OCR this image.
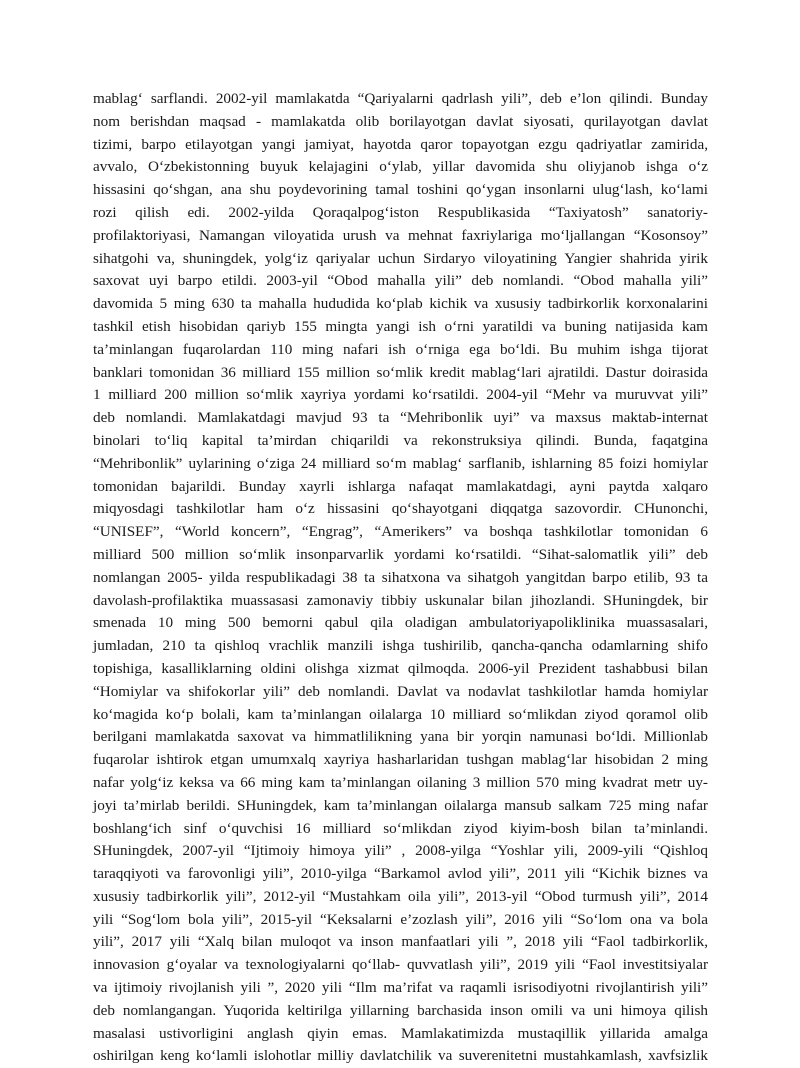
mablag‘ sarflandi. 2002-yil mamlakatda “Qariyalarni qadrlash yili”, deb e’lon qilindi. Bunday
nom berishdan maqsad - mamlakatda olib borilayotgan davlat siyosati, qurilayotgan davlat
tizimi, barpo etilayotgan yangi jamiyat, hayotda qaror topayotgan ezgu qadriyatlar zamirida,
avvalo, O‘zbekistonning buyuk kelajagini o‘ylab, yillar davomida shu oliyjanob ishga o‘z
hissasini qo‘shgan, ana shu poydevorining tamal toshini qo‘ygan insonlarni ulug‘lash, ko‘lami
rozi qilish edi. 2002-yilda Qoraqalpog‘iston Respublikasida “Taxiyatosh” sanatoriy-
profilaktoriyasi, Namangan viloyatida urush va mehnat faxriylariga mo‘ljallangan “Kosonsoy”
sihatgohi va, shuningdek, yolg‘iz qariyalar uchun Sirdaryo viloyatining Yangier shahrida yirik
saxovat uyi barpo etildi. 2003-yil “Obod mahalla yili” deb nomlandi. “Obod mahalla yili”
davomida 5 ming 630 ta mahalla hududida ko‘plab kichik va xususiy tadbirkorlik korxonalarini
tashkil etish hisobidan qariyb 155 mingta yangi ish o‘rni yaratildi va buning natijasida kam
ta’minlangan fuqarolardan 110 ming nafari ish o‘rniga ega bo‘ldi. Bu muhim ishga tijorat
banklari tomonidan 36 milliard 155 million so‘mlik kredit mablag‘lari ajratildi. Dastur doirasida
1 milliard 200 million so‘mlik xayriya yordami ko‘rsatildi. 2004-yil “Mehr va muruvvat yili”
deb nomlandi. Mamlakatdagi mavjud 93 ta “Mehribonlik uyi” va maxsus maktab-internat
binolari to‘liq kapital ta’mirdan chiqarildi va rekonstruksiya qilindi. Bunda, faqatgina
“Mehribonlik” uylarining o‘ziga 24 milliard so‘m mablag‘ sarflanib, ishlarning 85 foizi homiylar
tomonidan bajarildi. Bunday xayrli ishlarga nafaqat mamlakatdagi, ayni paytda xalqaro
miqyosdagi tashkilotlar ham o‘z hissasini qo‘shayotgani diqqatga sazovordir. CHunonchi,
“UNISEF”, “World koncern”, “Engrag”, “Amerikers” va boshqa tashkilotlar tomonidan 6
milliard 500 million so‘mlik insonparvarlik yordami ko‘rsatildi. “Sihat-salomatlik yili” deb
nomlangan 2005- yilda respublikadagi 38 ta sihatxona va sihatgoh yangitdan barpo etilib, 93 ta
davolash-profilaktika muassasasi zamonaviy tibbiy uskunalar bilan jihozlandi. SHuningdek, bir
smenada 10 ming 500 bemorni qabul qila oladigan ambulatoriyapoliklinika muassasalari,
jumladan, 210 ta qishloq vrachlik manzili ishga tushirilib, qancha-qancha odamlarning shifo
topishiga, kasalliklarning oldini olishga xizmat qilmoqda. 2006-yil Prezident tashabbusi bilan
“Homiylar va shifokorlar yili” deb nomlandi. Davlat va nodavlat tashkilotlar hamda homiylar
ko‘magida ko‘p bolali, kam ta’minlangan oilalarga 10 milliard so‘mlikdan ziyod qoramol olib
berilgani mamlakatda saxovat va himmatlilikning yana bir yorqin namunasi bo‘ldi. Millionlab
fuqarolar ishtirok etgan umumxalq xayriya hasharlaridan tushgan mablag‘lar hisobidan 2 ming
nafar yolg‘iz keksa va 66 ming kam ta’minlangan oilaning 3 million 570 ming kvadrat metr uy-
joyi ta’mirlab berildi. SHuningdek, kam ta’minlangan oilalarga mansub salkam 725 ming nafar
boshlang‘ich sinf o‘quvchisi 16 milliard so‘mlikdan ziyod kiyim-bosh bilan ta’minlandi.
SHuningdek, 2007-yil “Ijtimoiy himoya yili” , 2008-yilga “Yoshlar yili, 2009-yili “Qishloq
taraqqiyoti va farovonligi yili”, 2010-yilga “Barkamol avlod yili”, 2011 yili “Kichik biznes va
xususiy tadbirkorlik yili”, 2012-yil “Mustahkam oila yili”, 2013-yil “Obod turmush yili”, 2014
yili “Sog‘lom bola yili”, 2015-yil “Keksalarni e’zozlash yili”, 2016 yili “So‘lom ona va bola
yili”, 2017 yili “Xalq bilan muloqot va inson manfaatlari yili ”, 2018 yili “Faol tadbirkorlik,
innovasion g‘oyalar va texnologiyalarni qo‘llab- quvvatlash yili”, 2019 yili “Faol investitsiyalar
va ijtimoiy rivojlanish yili ”, 2020 yili “Ilm ma’rifat va raqamli isrisodiyotni rivojlantirish yili”
deb nomlangangan. Yuqorida keltirilga yillarning barchasida inson omili va uni himoya qilish
masalasi ustivorligini anglash qiyin emas. Mamlakatimizda mustaqillik yillarida amalga
oshirilgan keng ko‘lamli islohotlar milliy davlatchilik va suverenitetni mustahkamlash, xavfsizlik
